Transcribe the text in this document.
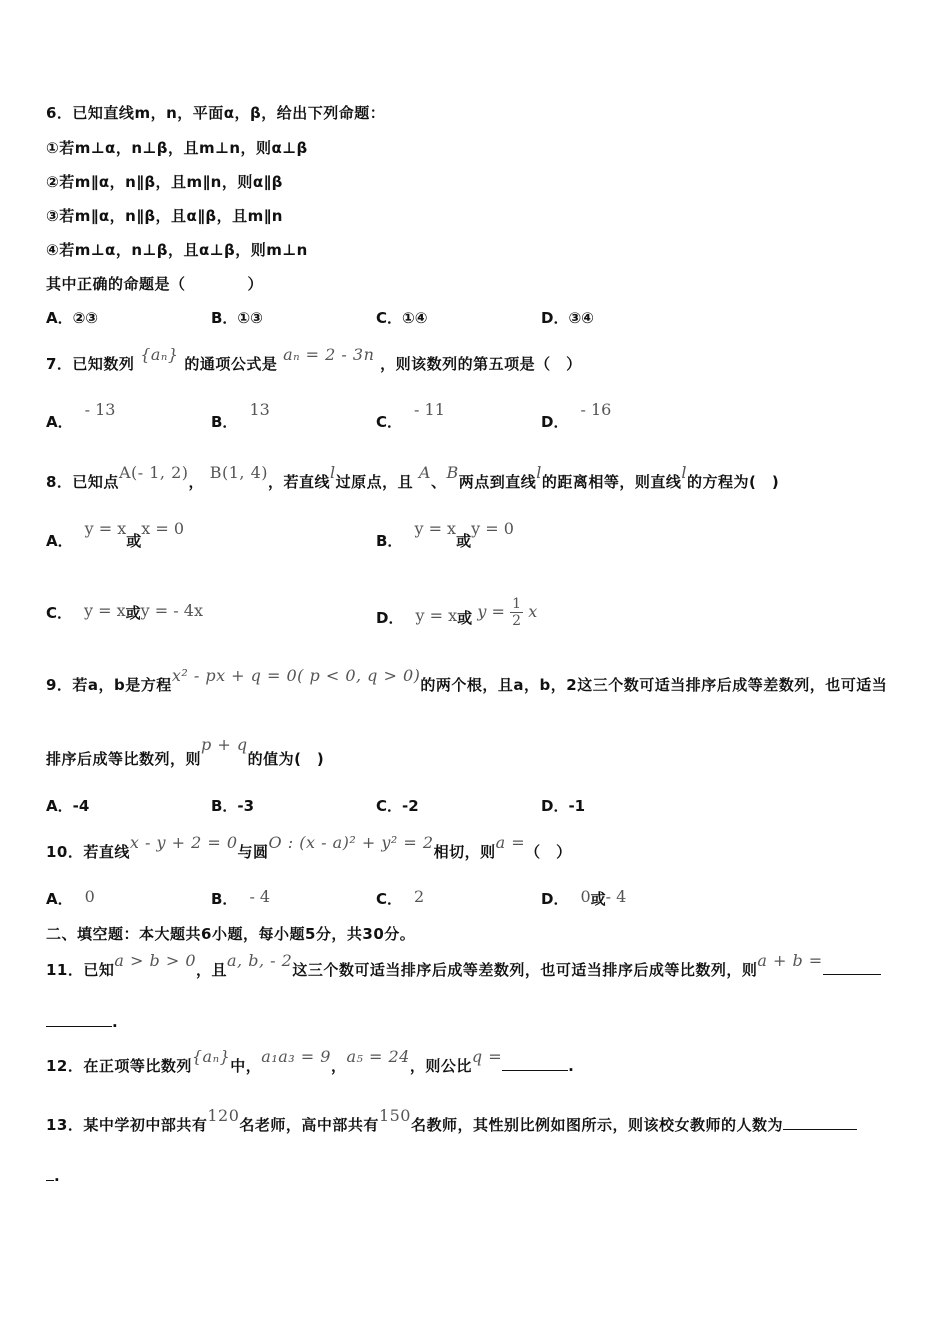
6．已知直线m，n，平面α，β，给出下列命题：
①若m⊥α，n⊥β，且m⊥n，则α⊥β
②若m∥α，n∥β，且m∥n，则α∥β
③若m∥α，n∥β，且α∥β，且m∥n
④若m⊥α，n⊥β，且α⊥β，则m⊥n
其中正确的命题是（　　　　）
A．②③	B．①③	C．①④	D．③④
7．已知数列 {aₙ} 的通项公式是 aₙ = 2 - 3n ，则该数列的第五项是（　）
A．- 13
B．13
C．- 11
D．- 16
8．已知点A(- 1, 2)， B(1, 4)，若直线l过原点，且 A、B两点到直线l的距离相等，则直线l的方程为(　)
A．y = x或x = 0
B．y = x或y = 0
C． y = x或y = - 4x	D． y = x或 $y = \frac{1}{2}$ x
9．若a，b是方程x² - px + q = 0( p < 0, q > 0)的两个根，且a，b，2这三个数可适当排序后成等差数列，也可适当
排序后成等比数列，则p + q的值为(　)
A．-4	B．-3	C．-2	D．-1
10．若直线x - y + 2 = 0与圆O : (x - a)² + y² = 2相切，则a =（　）
A． 0	B． - 4	C． 2	D． 0或- 4
二、填空题：本大题共6小题，每小题5分，共30分。
11．已知a > b > 0，且a, b, - 2这三个数可适当排序后成等差数列，也可适当排序后成等比数列，则a + b =
.
12．在正项等比数列{aₙ}中，a₁a₃ = 9，a₅ = 24，则公比q =	.
13．某中学初中部共有120名老师，高中部共有150名教师，其性别比例如图所示，则该校女教师的人数为
.
